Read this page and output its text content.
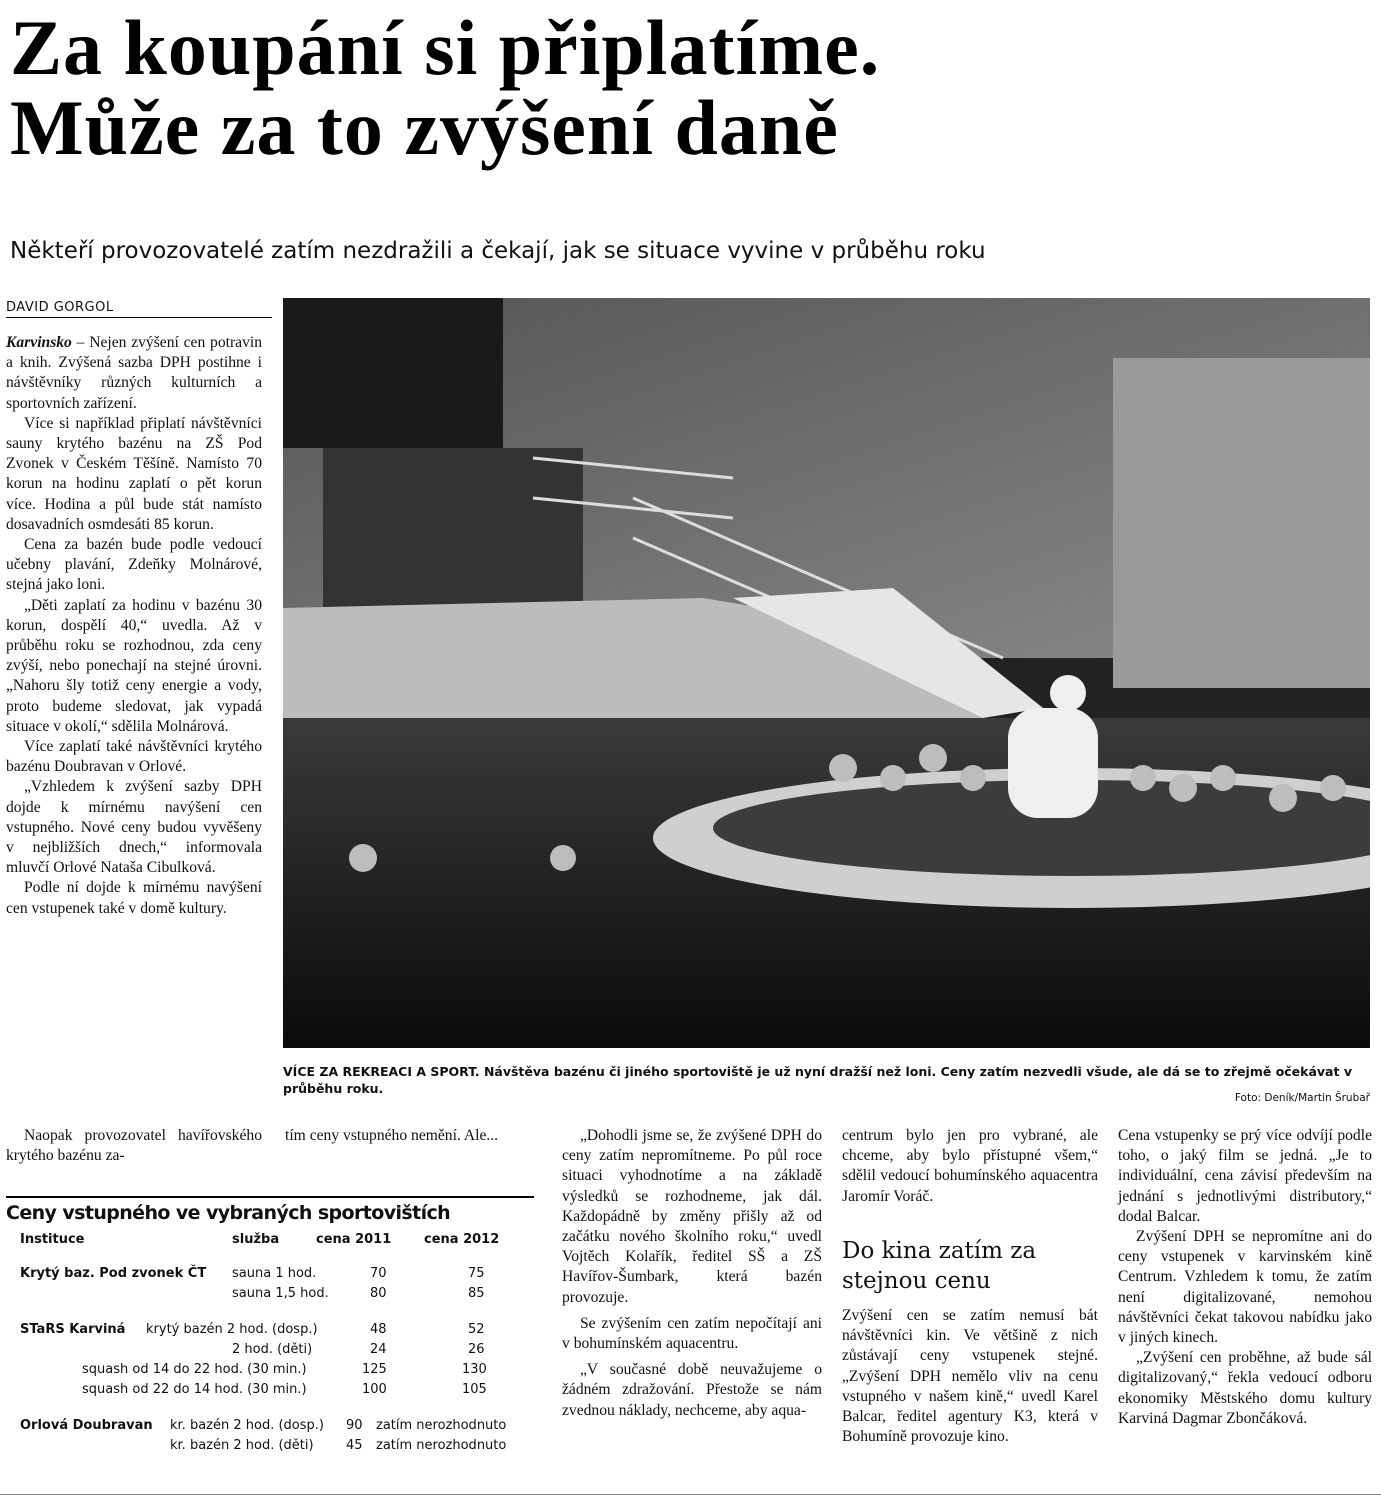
Za koupání si připlatíme.
Může za to zvýšení daně
Někteří provozovatelé zatím nezdražili a čekají, jak se situace vyvine v průběhu roku
DAVID GORGOL

Karvinsko – Nejen zvýšení cen potravin a knih. Zvýšená sazba DPH postihne i návštěvníky různých kulturních a sportovních zařízení.

Více si například připlatí návštěvníci sauny krytého bazénu na ZŠ Pod Zvonek v Českém Těšíně. Namísto 70 korun na hodinu zaplatí o pět korun více. Hodina a půl bude stát namísto dosavadních osmdesáti 85 korun.

Cena za bazén bude podle vedoucí učebny plavání, Zdeňky Molnárové, stejná jako loni.

„Děti zaplatí za hodinu v bazénu 30 korun, dospělí 40,“ uvedla. Až v průběhu roku se rozhodnou, zda ceny zvýší, nebo ponechají na stejné úrovni. „Nahoru šly totiž ceny energie a vody, proto budeme sledovat, jak vypadá situace v okolí,“ sdělila Molnárová.

Více zaplatí také návštěvníci krytého bazénu Doubravan v Orlové.

„Vzhledem k zvýšení sazby DPH dojde k mírnému navýšení cen vstupného. Nové ceny budou vyvěšeny v nejbližších dnech,“ informovala mluvčí Orlové Nataša Cibulková.

Podle ní dojde k mírnému navýšení cen vstupenek také v domě kultury.

VÍCE ZA REKREACI A SPORT. Návštěva bazénu či jiného sportoviště je už nyní dražší než loni. Ceny zatím nezvedli všude, ale dá se to zřejmě očekávat v průběhu roku.
Foto: Deník/Martin Šrubař

Naopak provozovatel havířovského krytého bazénu za-

tím ceny vstupného nemění. Ale...	„Dohodli jsme se, že zvýšené DPH do ceny zatím nepromítneme. Po půl roce situaci vyhodnotíme a na základě výsledků se rozhodneme, jak dál. Každopádně by změny přišly až od začátku nového školního roku,“ uvedl Vojtěch Kolařík, ředitel SŠ a ZŠ Havířov-Šumbark, která bazén provozuje.

Se zvýšením cen zatím nepočítají ani v bohumínském aquacentru.

„V současné době neuvažujeme o žádném zdražování. Přestože se nám zvednou náklady, nechceme, aby aqua-

centrum bylo jen pro vybrané, ale chceme, aby bylo přístupné všem,“ sdělil vedoucí bohumínského aquacentra Jaromír Voráč.

Do kina zatím za stejnou cenu

Zvýšení cen se zatím nemusí bát návštěvníci kin. Ve většině z nich zůstávají ceny vstupenek stejné. „Zvýšení DPH nemělo vliv na cenu vstupného v našem kině,“ uvedl Karel Balcar, ředitel agentury K3, která v Bohumíně provozuje kino.

Cena vstupenky se prý více odvíjí podle toho, o jaký film se jedná. „Je to individuální, cena závisí především na jednání s jednotlivými distributory,“ dodal Balcar.

Zvýšení DPH se nepromítne ani do ceny vstupenek v karvinském kině Centrum. Vzhledem k tomu, že zatím není digitalizované, nemohou návštěvníci čekat takovou nabídku jako v jiných kinech.

„Zvýšení cen proběhne, až bude sál digitalizovaný,“ řekla vedoucí odboru ekonomiky Městského domu kultury Karviná Dagmar Zbončáková.

Ceny vstupného ve vybraných sportovištích
Instituce	služba	cena 2011	cena 2012
Krytý baz. Pod zvonek ČT sauna 1 hod.	70	75
sauna 1,5 hod.	80	85
STaRS Karviná krytý bazén 2 hod. (dosp.)	48	52
2 hod. (děti)	24	26
squash od 14 do 22 hod. (30 min.)	125	130
squash od 22 do 14 hod. (30 min.)	100	105
Orlová Doubravan kr. bazén 2 hod. (dosp.) 90 zatím nerozhodnuto
kr. bazén 2 hod. (děti) 45 zatím nerozhodnuto
